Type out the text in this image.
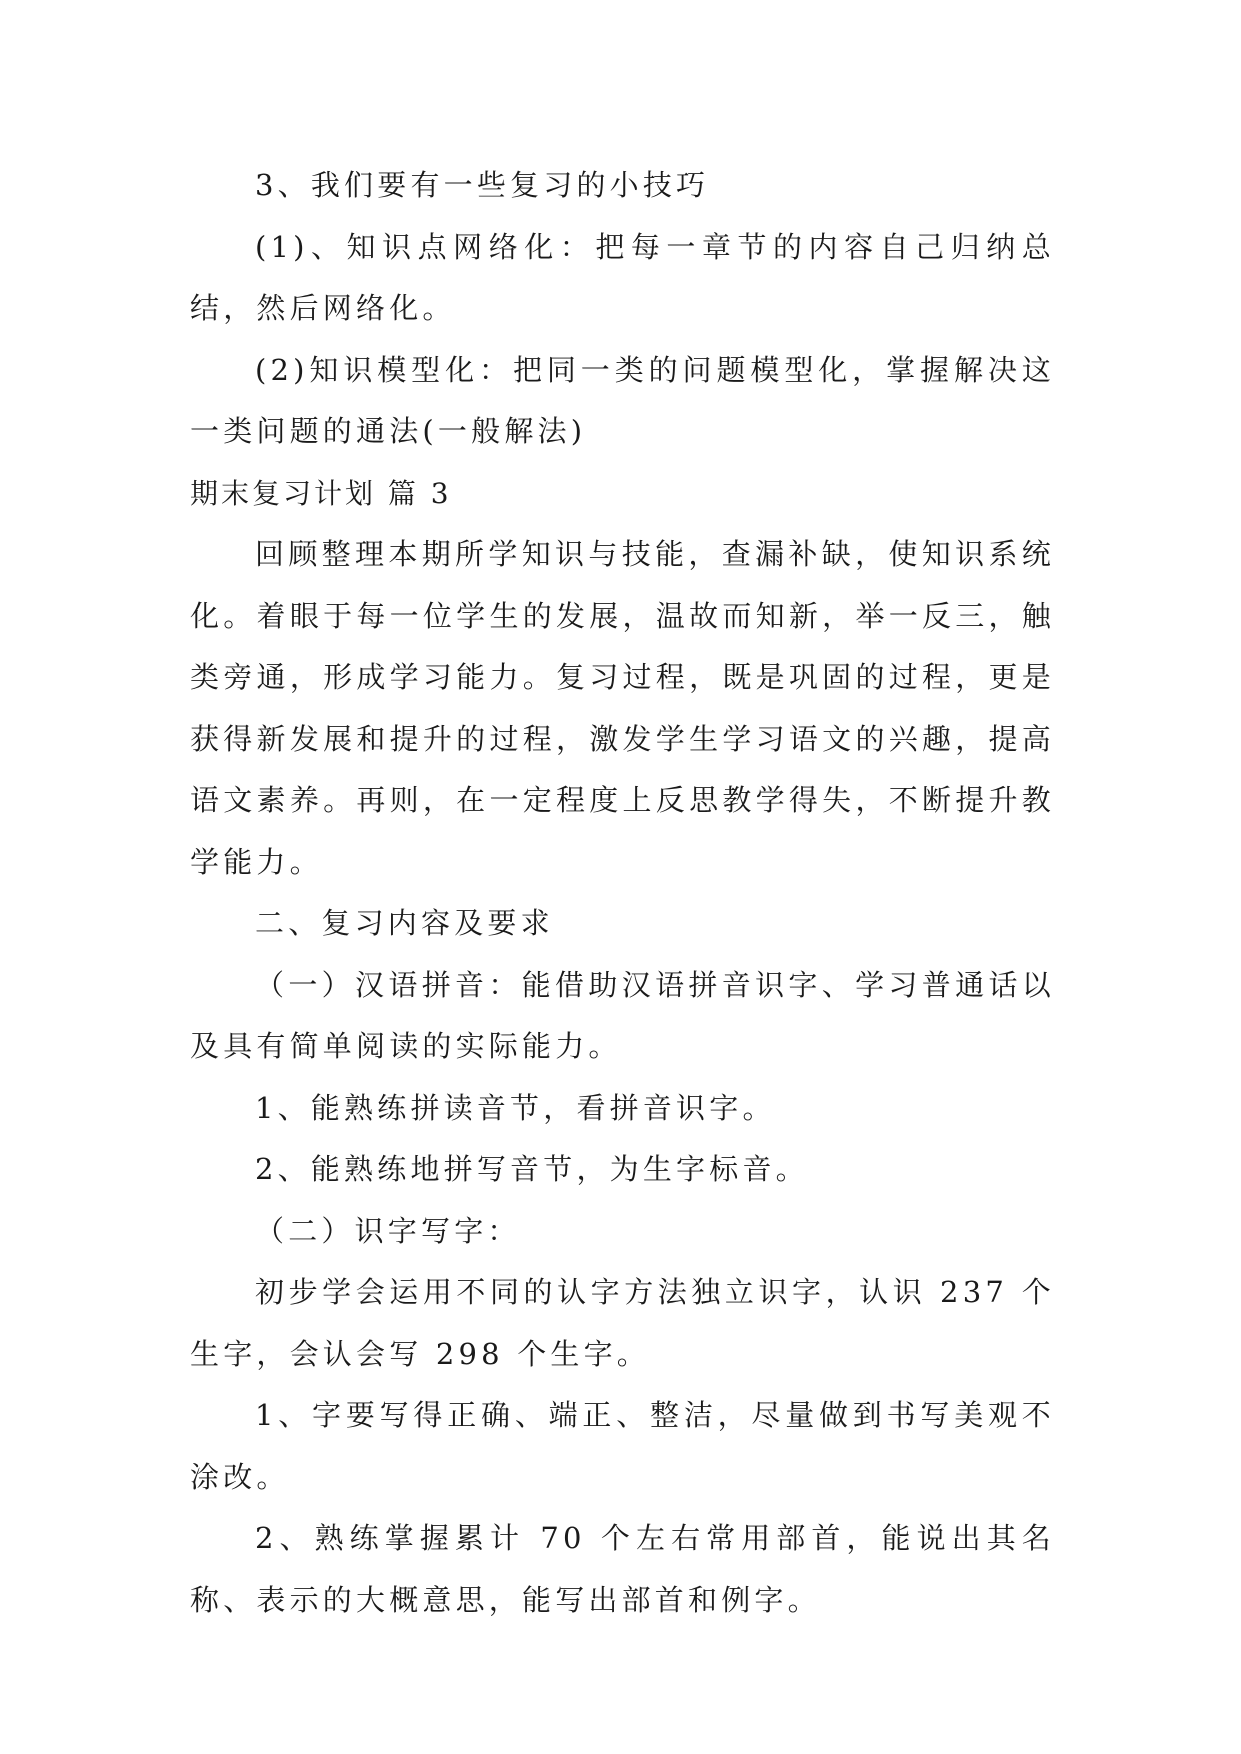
3、我们要有一些复习的小技巧

(1)、知识点网络化：把每一章节的内容自己归纳总结，然后网络化。

(2)知识模型化：把同一类的问题模型化，掌握解决这一类问题的通法(一般解法)

期末复习计划 篇 3

回顾整理本期所学知识与技能，查漏补缺，使知识系统化。着眼于每一位学生的发展，温故而知新，举一反三，触类旁通，形成学习能力。复习过程，既是巩固的过程，更是获得新发展和提升的过程，激发学生学习语文的兴趣，提高语文素养。再则，在一定程度上反思教学得失，不断提升教学能力。

二、复习内容及要求

（一）汉语拼音：能借助汉语拼音识字、学习普通话以及具有简单阅读的实际能力。

1、能熟练拼读音节，看拼音识字。

2、能熟练地拼写音节，为生字标音。

（二）识字写字：

初步学会运用不同的认字方法独立识字，认识 237 个生字，会认会写 298 个生字。

1、字要写得正确、端正、整洁，尽量做到书写美观不涂改。

2、熟练掌握累计 70 个左右常用部首，能说出其名称、表示的大概意思，能写出部首和例字。
